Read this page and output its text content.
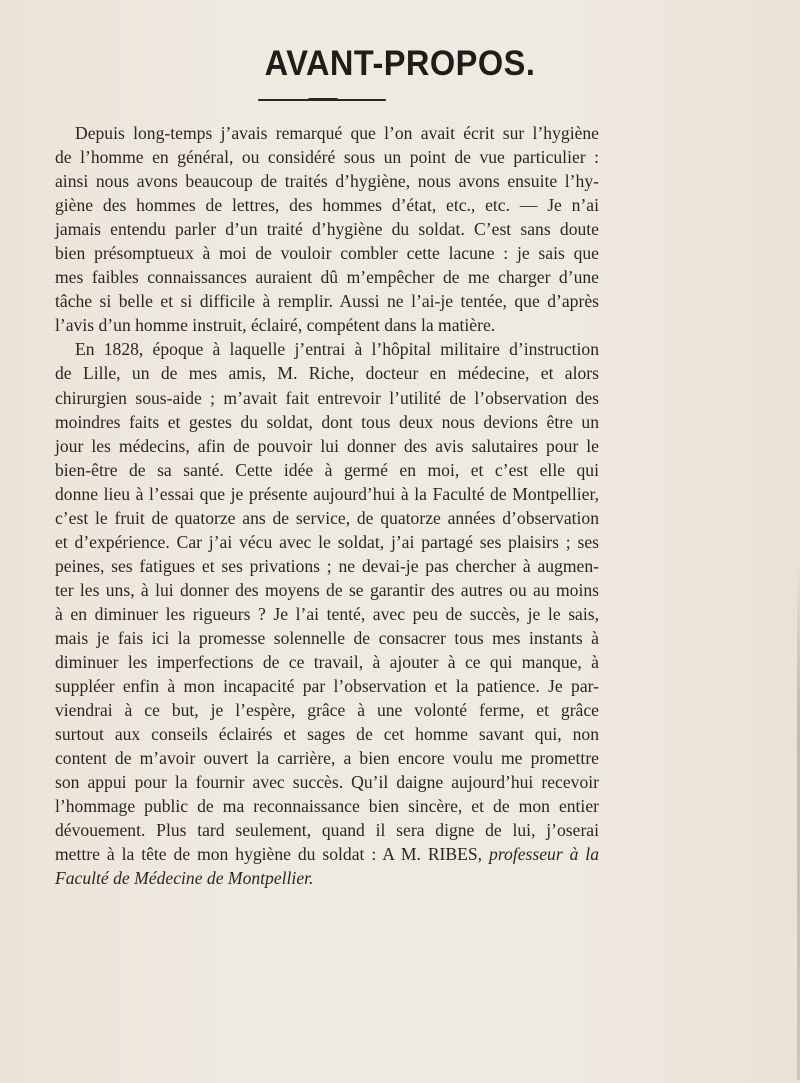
AVANT-PROPOS.
Depuis long-temps j’avais remarqué que l’on avait écrit sur l’hygiène
de l’homme en général, ou considéré sous un point de vue particulier :
ainsi nous avons beaucoup de traités d’hygiène, nous avons ensuite l’hy-
giène des hommes de lettres, des hommes d’état, etc., etc. — Je n’ai
jamais entendu parler d’un traité d’hygiène du soldat. C’est sans doute
bien présomptueux à moi de vouloir combler cette lacune : je sais que
mes faibles connaissances auraient dû m’empêcher de me charger d’une
tâche si belle et si difficile à remplir. Aussi ne l’ai-je tentée, que d’après
l’avis d’un homme instruit, éclairé, compétent dans la matière.
En 1828, époque à laquelle j’entrai à l’hôpital militaire d’instruction
de Lille, un de mes amis, M. Riche, docteur en médecine, et alors
chirurgien sous-aide ; m’avait fait entrevoir l’utilité de l’observation des
moindres faits et gestes du soldat, dont tous deux nous devions être un
jour les médecins, afin de pouvoir lui donner des avis salutaires pour le
bien-être de sa santé. Cette idée à germé en moi, et c’est elle qui
donne lieu à l’essai que je présente aujourd’hui à la Faculté de Montpellier,
c’est le fruit de quatorze ans de service, de quatorze années d’observation
et d’expérience. Car j’ai vécu avec le soldat, j’ai partagé ses plaisirs ; ses
peines, ses fatigues et ses privations ; ne devai-je pas chercher à augmen-
ter les uns, à lui donner des moyens de se garantir des autres ou au moins
à en diminuer les rigueurs ? Je l’ai tenté, avec peu de succès, je le sais,
mais je fais ici la promesse solennelle de consacrer tous mes instants à
diminuer les imperfections de ce travail, à ajouter à ce qui manque, à
suppléer enfin à mon incapacité par l’observation et la patience. Je par-
viendrai à ce but, je l’espère, grâce à une volonté ferme, et grâce
surtout aux conseils éclairés et sages de cet homme savant qui, non
content de m’avoir ouvert la carrière, a bien encore voulu me promettre
son appui pour la fournir avec succès. Qu’il daigne aujourd’hui recevoir
l’hommage public de ma reconnaissance bien sincère, et de mon entier
dévouement. Plus tard seulement, quand il sera digne de lui, j’oserai
mettre à la tête de mon hygiène du soldat : A M. RIBES, professeur à la
Faculté de Médecine de Montpellier.
